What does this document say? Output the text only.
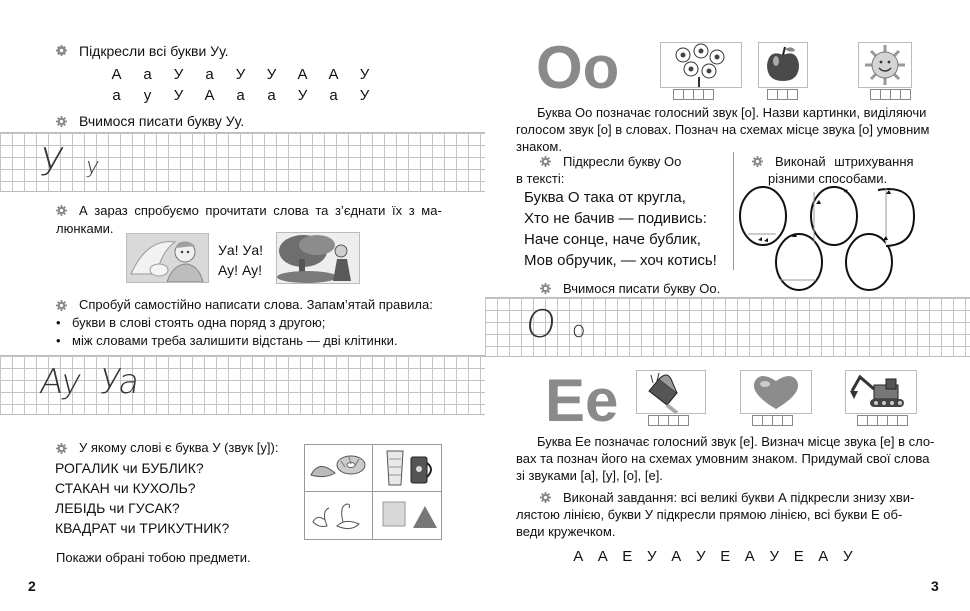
Підкресли всі букви Уу.
А а У а У У А А У
а у У А а а У а У
Вчимося писати букву Уу.
У у
А зараз спробуємо прочитати слова та з’єднати їх з ма-
люнками.
Уа! Уа!
Ау! Ау!
Спробуй самостійно написати слова. Запам’ятай правила:
• букви в слові стоять одна поряд з другою;
• між словами треба залишити відстань — дві клітинки.
Ау Уа
У якому слові є буква У (звук [у]):
РОГАЛИК чи БУБЛИК?
СТАКАН чи КУХОЛЬ?
ЛЕБІДЬ чи ГУСАК?
КВАДРАТ чи ТРИКУТНИК?
Покажи обрані тобою предмети.
2
Оо
Буква Оо позначає голосний звук [о]. Назви картинки, виділяючи
голосом звук [о] в словах. Познач на схемах місце звука [о] умовним
знаком.
Підкресли букву Оо
в тексті:
Буква О така от кругла,
Хто не бачив — подивись:
Наче сонце, наче бублик,
Мов обручик, — хоч котись!
Виконай штрихування
різними способами.
Вчимося писати букву Оо.
О о
Ее
Буква Ее позначає голосний звук [е]. Визнач місце звука [е] в сло-
вах та познач його на схемах умовним знаком. Придумай свої слова
зі звуками [а], [у], [о], [е].
Виконай завдання: всі великі букви А підкресли знизу хви-
лястою лінією, букви У підкресли прямою лінією, всі букви Е об-
веди кружечком.
А А Е У А У Е А У Е А У
3
